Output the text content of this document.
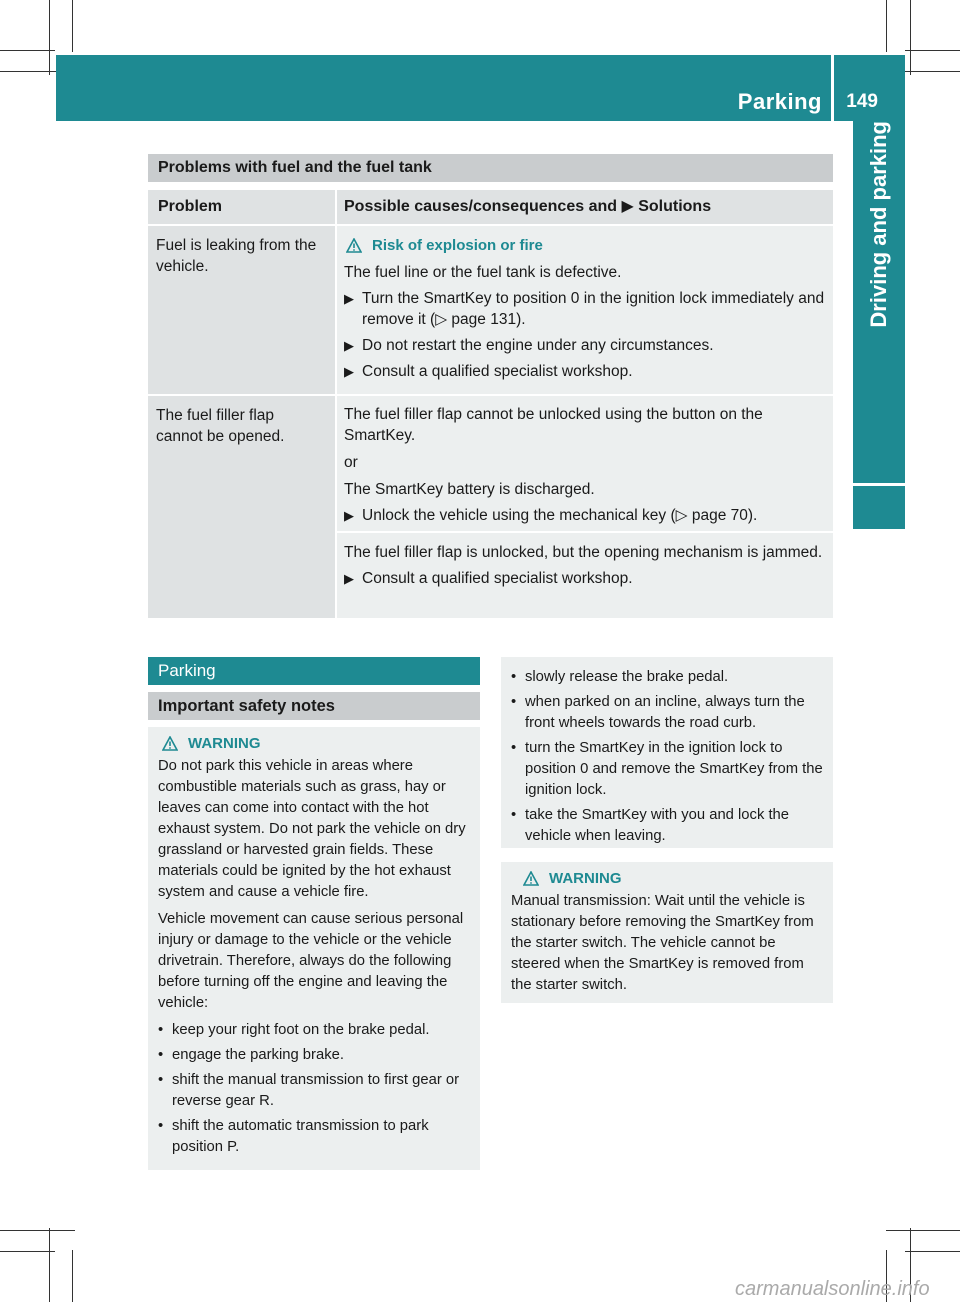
Parking 149
Driving and parking
Problems with fuel and the fuel tank
Problem	Possible causes/consequences and ▶ Solutions

Fuel is leaking from the vehicle.

Risk of explosion or fire

The fuel line or the fuel tank is defective.

▶ Turn the SmartKey to position 0 in the ignition lock immediately and remove it (▷ page 131).
▶ Do not restart the engine under any circumstances.
▶ Consult a qualified specialist workshop.

The fuel filler flap cannot be opened.

The fuel filler flap cannot be unlocked using the button on the SmartKey.

or

The SmartKey battery is discharged.

▶ Unlock the vehicle using the mechanical key (▷ page 70).

The fuel filler flap is unlocked, but the opening mechanism is jammed.

▶ Consult a qualified specialist workshop.
Parking
Important safety notes
WARNING

Do not park this vehicle in areas where combustible materials such as grass, hay or leaves can come into contact with the hot exhaust system. Do not park the vehicle on dry grassland or harvested grain fields. These materials could be ignited by the hot exhaust system and cause a vehicle fire.

Vehicle movement can cause serious personal injury or damage to the vehicle or the vehicle drivetrain. Therefore, always do the following before turning off the engine and leaving the vehicle:

• keep your right foot on the brake pedal.
• engage the parking brake.
• shift the manual transmission to first gear or reverse gear R.
• shift the automatic transmission to park position P.
• slowly release the brake pedal.
• when parked on an incline, always turn the front wheels towards the road curb.
• turn the SmartKey in the ignition lock to position 0 and remove the SmartKey from the ignition lock.
• take the SmartKey with you and lock the vehicle when leaving.
WARNING

Manual transmission: Wait until the vehicle is stationary before removing the SmartKey from the starter switch. The vehicle cannot be steered when the SmartKey is removed from the starter switch.

carmanualsonline.info
